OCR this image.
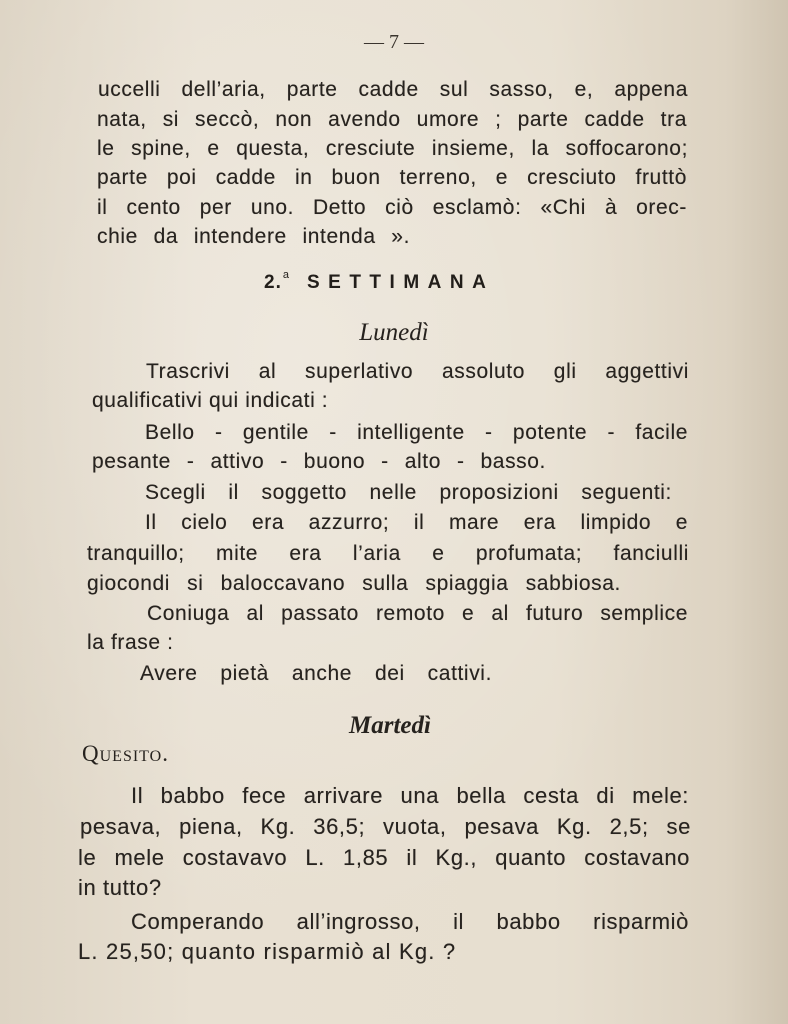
— 7 —
uccelli dell’aria, parte cadde sul sasso, e, appena
nata, si seccò, non avendo umore ; parte cadde tra
le spine, e questa, cresciute insieme, la soffocarono;
parte poi cadde in buon terreno, e cresciuto fruttò
il cento per uno. Detto ciò esclamò: «Chi à orec-
chie da intendere intenda ».
2. a SETTIMANA
Lunedì
Trascrivi al superlativo assoluto gli aggettivi
qualificativi qui indicati :
Bello - gentile - intelligente - potente - facile
pesante - attivo - buono - alto - basso.
Scegli il soggetto nelle proposizioni seguenti:
Il cielo era azzurro; il mare era limpido e
tranquillo; mite era l’aria e profumata; fanciulli
giocondi si baloccavano sulla spiaggia sabbiosa.
Coniuga al passato remoto e al futuro semplice
la frase :
Avere pietà anche dei cattivi.
Martedì
Quesito.
Il babbo fece arrivare una bella cesta di mele:
pesava, piena, Kg. 36,5; vuota, pesava Kg. 2,5; se
le mele costavavo L. 1,85 il Kg., quanto costavano
in tutto?
Comperando all’ingrosso, il babbo risparmiò
L. 25,50; quanto risparmiò al Kg. ?
